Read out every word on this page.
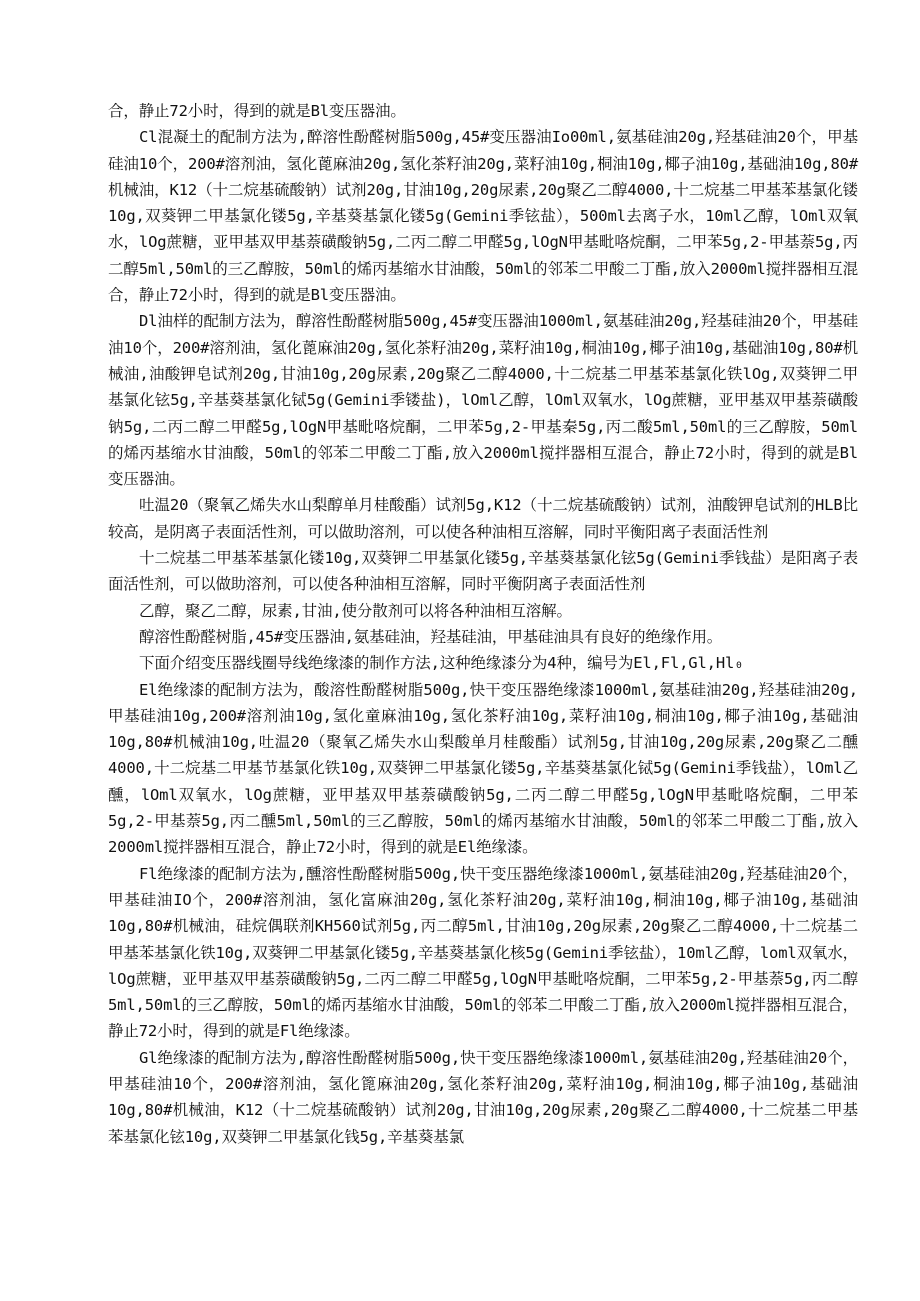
合，静止72小时，得到的就是Bl变压器油。

Cl混凝土的配制方法为,醉溶性酚醛树脂500g,45#变压器油Io00ml,氨基硅油20g,羟基硅油20个，甲基硅油10个，200#溶剂油，氢化蓖麻油20g,氢化茶籽油20g,菜籽油10g,桐油10g,椰子油10g,基础油10g,80#机械油，K12（十二烷基硫酸钠）试剂20g,甘油10g,20g尿素,20g聚乙二醇4000,十二烷基二甲基苯基氯化镂10g,双葵钾二甲基氯化镂5g,辛基葵基氯化镂5g(Gemini季铉盐），500ml去离子水，10ml乙醇，lOml双氧水，lOg蔗糖，亚甲基双甲基萘磺酸钠5g,二丙二醇二甲醛5g,lOgN甲基毗咯烷酮，二甲苯5g,2-甲基萘5g,丙二醇5ml,50ml的三乙醇胺，50ml的烯丙基缩水甘油酸，50ml的邻苯二甲酸二丁酯,放入2000ml搅拌器相互混合，静止72小时，得到的就是Bl变压器油。

Dl油样的配制方法为，醇溶性酚醛树脂500g,45#变压器油1000ml,氨基硅油20g,羟基硅油20个，甲基硅油10个，200#溶剂油，氢化蓖麻油20g,氢化茶籽油20g,菜籽油10g,桐油10g,椰子油10g,基础油10g,80#机械油,油酸钾皂试剂20g,甘油10g,20g尿素,20g聚乙二醇4000,十二烷基二甲基苯基氯化铁lOg,双葵钾二甲基氯化铉5g,辛基葵基氯化铽5g(Gemini季镂盐)，lOml乙醇，lOml双氧水，lOg蔗糖，亚甲基双甲基萘磺酸钠5g,二丙二醇二甲醛5g,lOgN甲基毗咯烷酮，二甲苯5g,2-甲基秦5g,丙二酸5ml,50ml的三乙醇胺，50ml的烯丙基缩水甘油酸，50ml的邻苯二甲酸二丁酯,放入2000ml搅拌器相互混合，静止72小时，得到的就是Bl变压器油。

吐温20（聚氧乙烯失水山梨醇单月桂酸酯）试剂5g,K12（十二烷基硫酸钠）试剂，油酸钾皂试剂的HLB比较高，是阴离子表面活性剂，可以做助溶剂，可以使各种油相互溶解，同时平衡阳离子表面活性剂

十二烷基二甲基苯基氯化镂10g,双葵钾二甲基氯化镂5g,辛基葵基氯化铉5g(Gemini季钱盐）是阳离子表面活性剂，可以做助溶剂，可以使各种油相互溶解，同时平衡阴离子表面活性剂

乙醇，聚乙二醇，尿素,甘油,使分散剂可以将各种油相互溶解。

醇溶性酚醛树脂,45#变压器油,氨基硅油，羟基硅油，甲基硅油具有良好的绝缘作用。

下面介绍变压器线圈导线绝缘漆的制作方法,这种绝缘漆分为4种，编号为El,Fl,Gl,Hl₀

El绝缘漆的配制方法为，酸溶性酚醛树脂500g,快干变压器绝缘漆1000ml,氨基硅油20g,羟基硅油20g,甲基硅油10g,200#溶剂油10g,氢化童麻油10g,氢化茶籽油10g,菜籽油10g,桐油10g,椰子油10g,基础油10g,80#机械油10g,吐温20（聚氧乙烯失水山梨酸单月桂酸酯）试剂5g,甘油10g,20g尿素,20g聚乙二醺4000,十二烷基二甲基节基氯化铁10g,双葵钾二甲基氯化镂5g,辛基葵基氯化铽5g(Gemini季钱盐），lOml乙醺，lOml双氧水，lOg蔗糖，亚甲基双甲基萘磺酸钠5g,二丙二醇二甲醛5g,lOgN甲基毗咯烷酮，二甲苯5g,2-甲基萘5g,丙二醺5ml,50ml的三乙醇胺，50ml的烯丙基缩水甘油酸，50ml的邻苯二甲酸二丁酯,放入2000ml搅拌器相互混合，静止72小时，得到的就是El绝缘漆。

Fl绝缘漆的配制方法为,醺溶性酚醛树脂500g,快干变压器绝缘漆1000ml,氨基硅油20g,羟基硅油20个，甲基硅油IO个，200#溶剂油，氢化富麻油20g,氢化茶籽油20g,菜籽油10g,桐油10g,椰子油10g,基础油10g,80#机械油，硅烷偶联剂KH560试剂5g,丙二醇5ml,甘油10g,20g尿素,20g聚乙二醇4000,十二烷基二甲基苯基氯化铁10g,双葵钾二甲基氯化镂5g,辛基葵基氯化核5g(Gemini季铉盐），10ml乙醇，loml双氧水，lOg蔗糖，亚甲基双甲基萘磺酸钠5g,二丙二醇二甲醛5g,lOgN甲基毗咯烷酮，二甲苯5g,2-甲基萘5g,丙二醇5ml,50ml的三乙醇胺，50ml的烯丙基缩水甘油酸，50ml的邻苯二甲酸二丁酯,放入2000ml搅拌器相互混合，静止72小时，得到的就是Fl绝缘漆。

Gl绝缘漆的配制方法为,醇溶性酚醛树脂500g,快干变压器绝缘漆1000ml,氨基硅油20g,羟基硅油20个，甲基硅油10个，200#溶剂油，氢化篦麻油20g,氢化茶籽油20g,菜籽油10g,桐油10g,椰子油10g,基础油10g,80#机械油，K12（十二烷基硫酸钠）试剂20g,甘油10g,20g尿素,20g聚乙二醇4000,十二烷基二甲基苯基氯化铉10g,双葵钾二甲基氯化钱5g,辛基葵基氯
